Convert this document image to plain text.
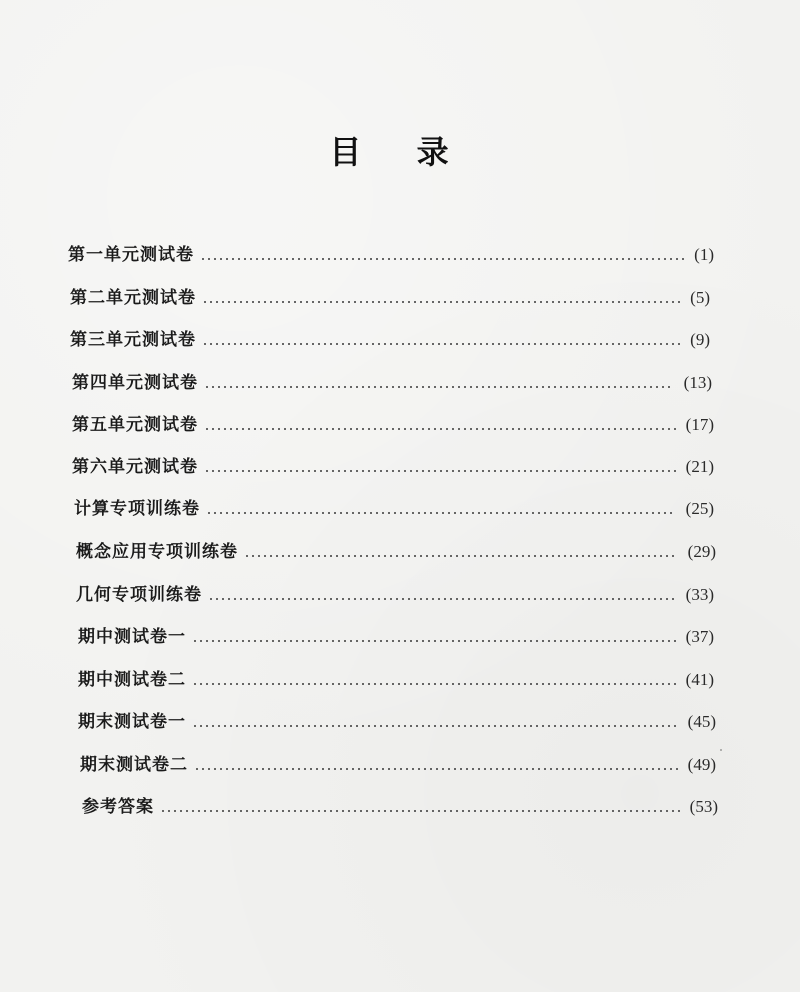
目 录
第一单元测试卷	(1)
第二单元测试卷	(5)
第三单元测试卷	(9)
第四单元测试卷	(13)
第五单元测试卷	(17)
第六单元测试卷	(21)
计算专项训练卷	(25)
概念应用专项训练卷	(29)
几何专项训练卷	(33)
期中测试卷一	(37)
期中测试卷二	(41)
期末测试卷一	(45)
期末测试卷二	(49)
参考答案	(53)
